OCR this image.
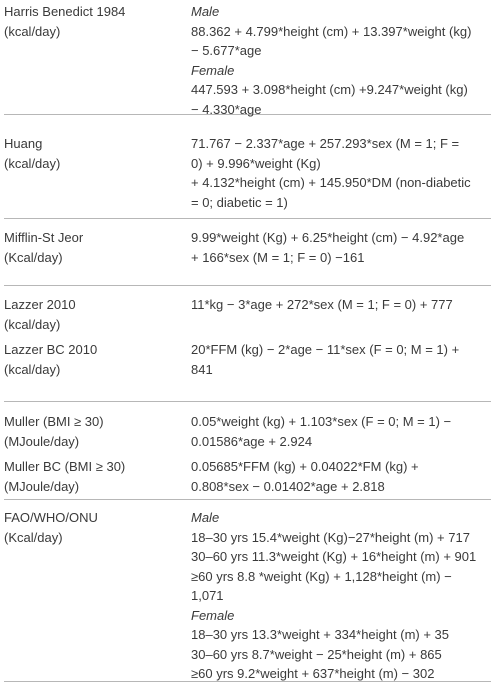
Harris Benedict 1984
(kcal/day)
Male
88.362 + 4.799*height (cm) + 13.397*weight (kg)
− 5.677*age
Female
447.593 + 3.098*height (cm) +9.247*weight (kg)
− 4.330*age
Huang
(kcal/day)
71.767 − 2.337*age + 257.293*sex (M = 1; F =
0) + 9.996*weight (Kg)
+ 4.132*height (cm) + 145.950*DM (non-diabetic
= 0; diabetic = 1)
Mifflin-St Jeor
(Kcal/day)
9.99*weight (Kg) + 6.25*height (cm) − 4.92*age
+ 166*sex (M = 1; F = 0) −161
Lazzer 2010
(kcal/day)
11*kg − 3*age + 272*sex (M = 1; F = 0) + 777
Lazzer BC 2010
(kcal/day)
20*FFM (kg) − 2*age − 11*sex (F = 0; M = 1) +
841
Muller (BMI ≥ 30)
(MJoule/day)
0.05*weight (kg) + 1.103*sex (F = 0; M = 1) −
0.01586*age + 2.924
Muller BC (BMI ≥ 30)
(MJoule/day)
0.05685*FFM (kg) + 0.04022*FM (kg) +
0.808*sex − 0.01402*age + 2.818
FAO/WHO/ONU
(Kcal/day)
Male
18–30 yrs 15.4*weight (Kg)−27*height (m) + 717
30–60 yrs 11.3*weight (Kg) + 16*height (m) + 901
≥60 yrs 8.8 *weight (Kg) + 1,128*height (m) −
1,071
Female
18–30 yrs 13.3*weight + 334*height (m) + 35
30–60 yrs 8.7*weight − 25*height (m) + 865
≥60 yrs 9.2*weight + 637*height (m) − 302
